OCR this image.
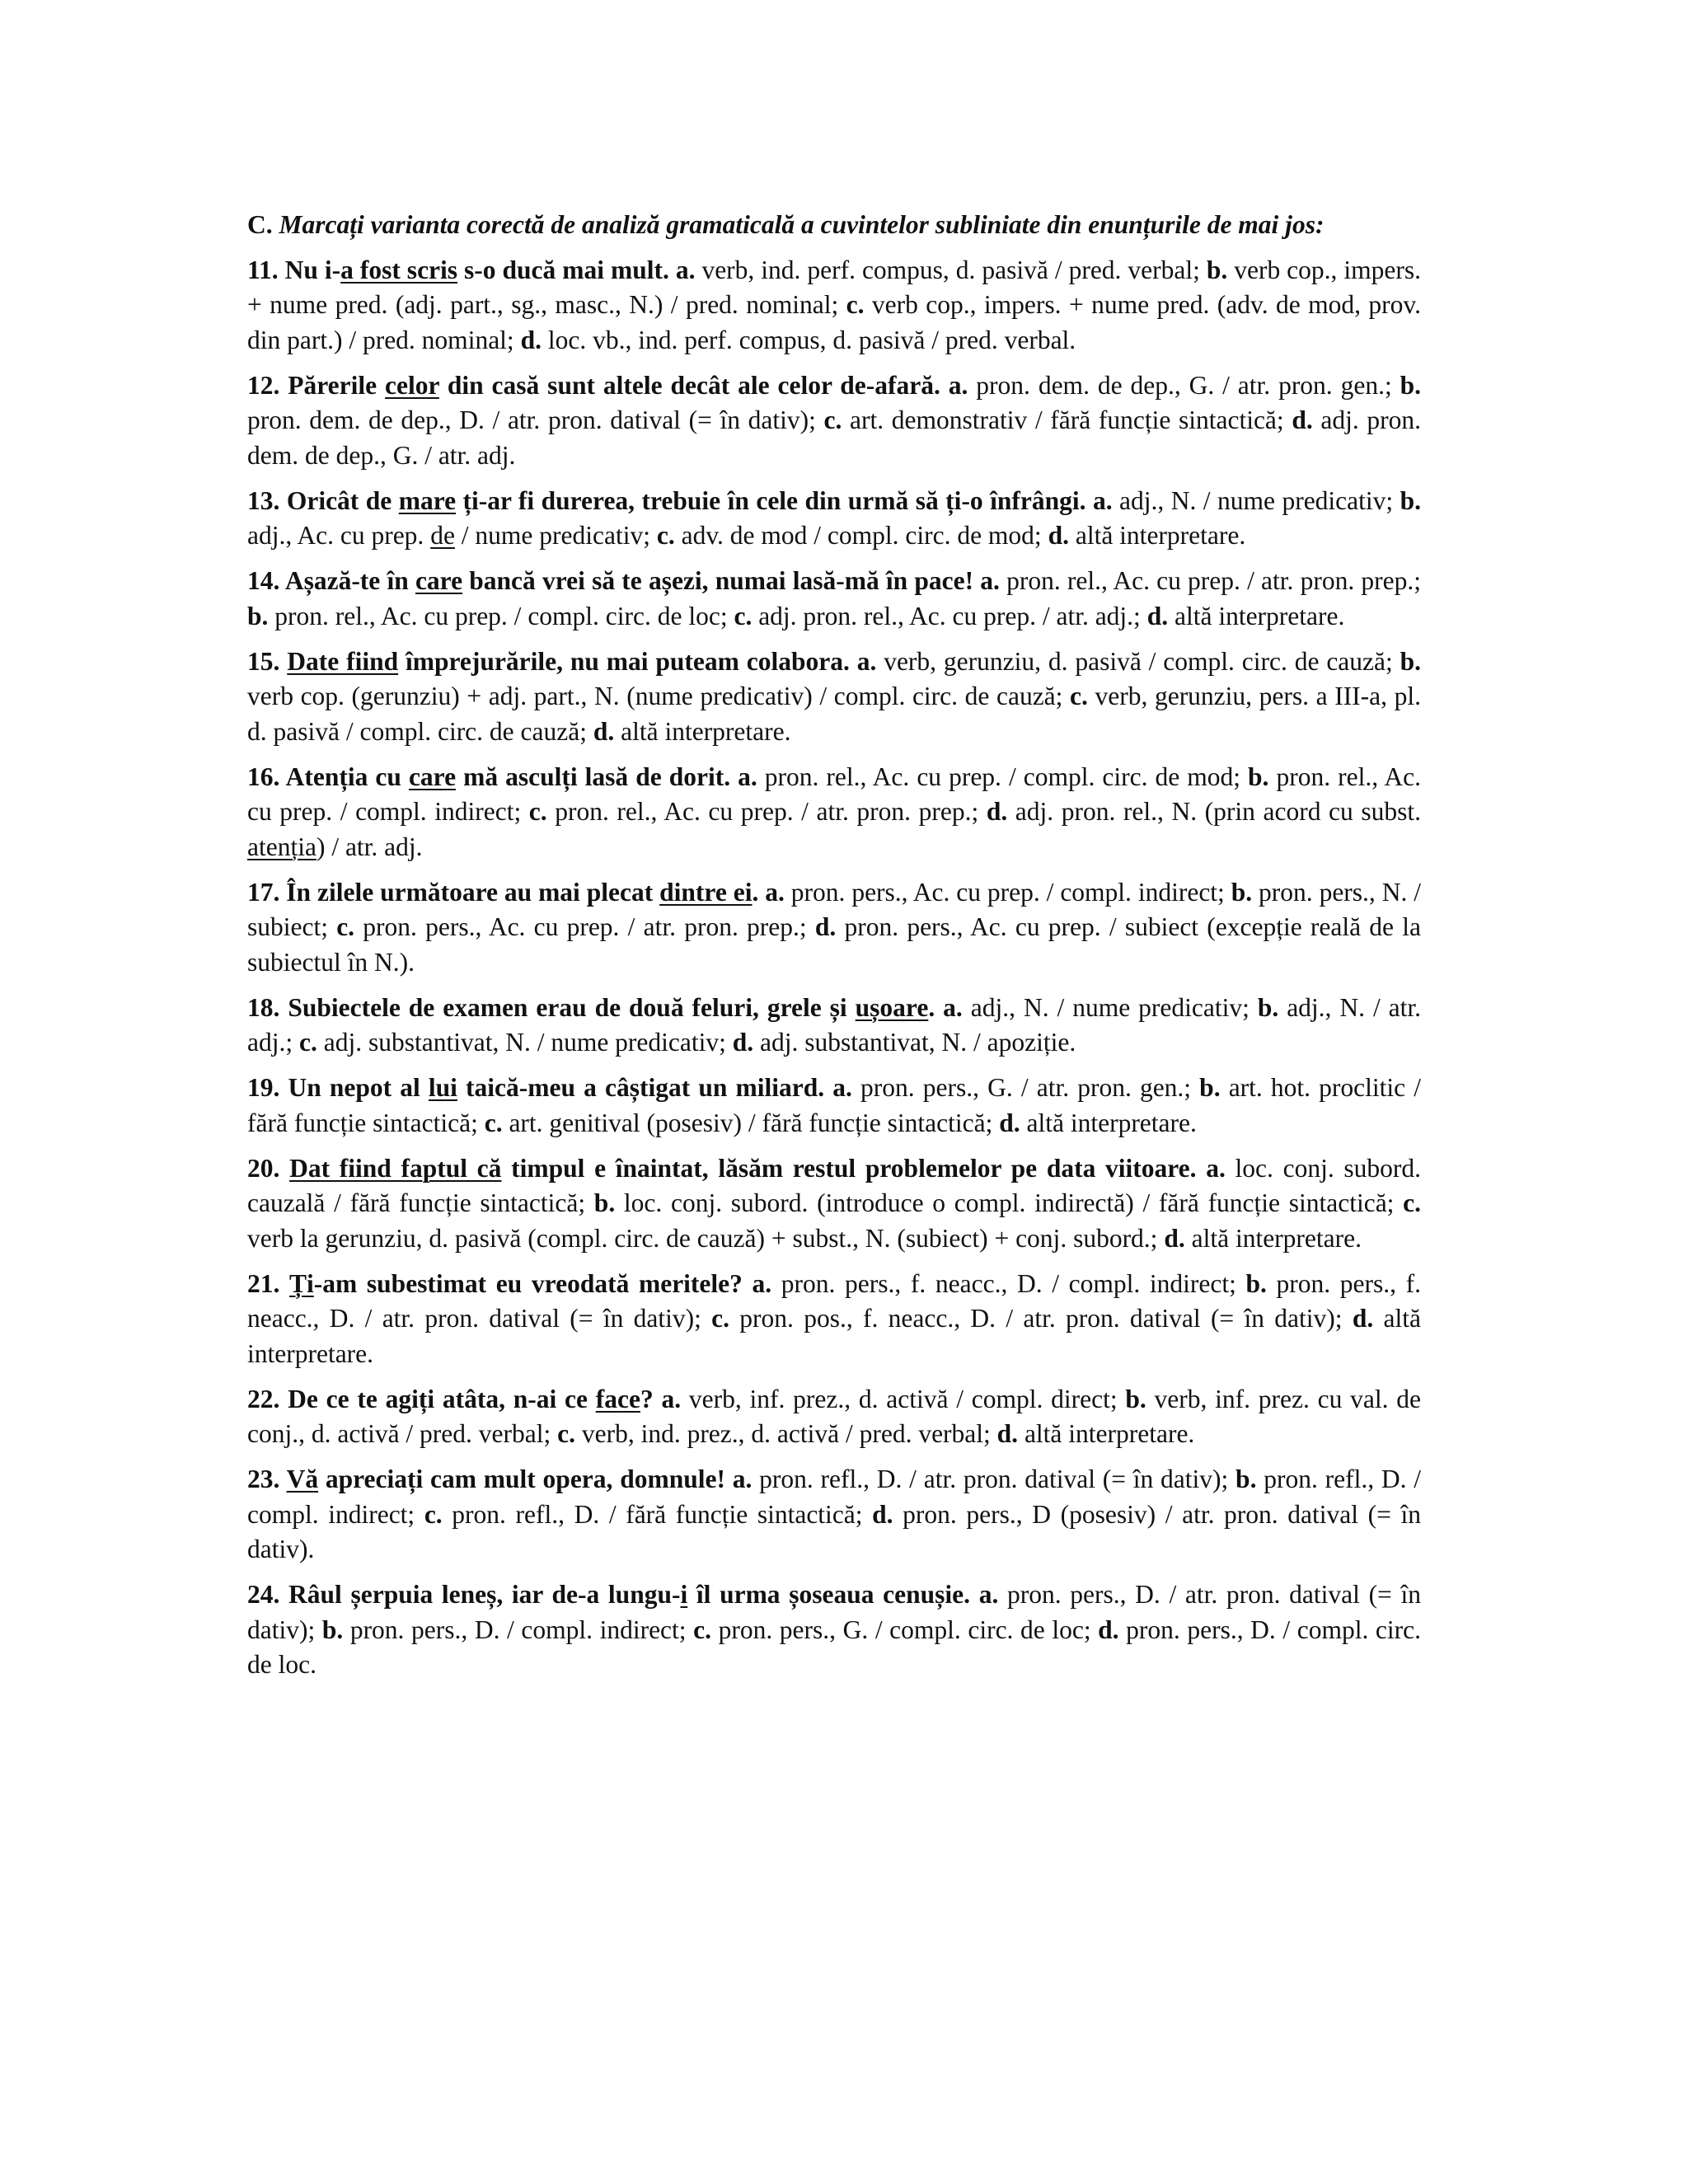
C. Marcați varianta corectă de analiză gramaticală a cuvintelor subliniate din enunțurile de mai jos:

11. Nu i-a fost scris s-o ducă mai mult. a. verb, ind. perf. compus, d. pasivă / pred. verbal; b. verb cop., impers. + nume pred. (adj. part., sg., masc., N.) / pred. nominal; c. verb cop., impers. + nume pred. (adv. de mod, prov. din part.) / pred. nominal; d. loc. vb., ind. perf. compus, d. pasivă / pred. verbal.

12. Părerile celor din casă sunt altele decât ale celor de-afară. a. pron. dem. de dep., G. / atr. pron. gen.; b. pron. dem. de dep., D. / atr. pron. datival (= în dativ); c. art. demonstrativ / fără funcție sintactică; d. adj. pron. dem. de dep., G. / atr. adj.

13. Oricât de mare ți-ar fi durerea, trebuie în cele din urmă să ți-o înfrângi. a. adj., N. / nume predicativ; b. adj., Ac. cu prep. de / nume predicativ; c. adv. de mod / compl. circ. de mod; d. altă interpretare.

14. Așază-te în care bancă vrei să te așezi, numai lasă-mă în pace! a. pron. rel., Ac. cu prep. / atr. pron. prep.; b. pron. rel., Ac. cu prep. / compl. circ. de loc; c. adj. pron. rel., Ac. cu prep. / atr. adj.; d. altă interpretare.

15. Date fiind împrejurările, nu mai puteam colabora. a. verb, gerunziu, d. pasivă / compl. circ. de cauză; b. verb cop. (gerunziu) + adj. part., N. (nume predicativ) / compl. circ. de cauză; c. verb, gerunziu, pers. a III-a, pl. d. pasivă / compl. circ. de cauză; d. altă interpretare.

16. Atenția cu care mă asculți lasă de dorit. a. pron. rel., Ac. cu prep. / compl. circ. de mod; b. pron. rel., Ac. cu prep. / compl. indirect; c. pron. rel., Ac. cu prep. / atr. pron. prep.; d. adj. pron. rel., N. (prin acord cu subst. atenția) / atr. adj.

17. În zilele următoare au mai plecat dintre ei. a. pron. pers., Ac. cu prep. / compl. indirect; b. pron. pers., N. / subiect; c. pron. pers., Ac. cu prep. / atr. pron. prep.; d. pron. pers., Ac. cu prep. / subiect (excepție reală de la subiectul în N.).

18. Subiectele de examen erau de două feluri, grele și ușoare. a. adj., N. / nume predicativ; b. adj., N. / atr. adj.; c. adj. substantivat, N. / nume predicativ; d. adj. substantivat, N. / apoziție.

19. Un nepot al lui taică-meu a câștigat un miliard. a. pron. pers., G. / atr. pron. gen.; b. art. hot. proclitic / fără funcție sintactică; c. art. genitival (posesiv) / fără funcție sintactică; d. altă interpretare.

20. Dat fiind faptul că timpul e înaintat, lăsăm restul problemelor pe data viitoare. a. loc. conj. subord. cauzală / fără funcție sintactică; b. loc. conj. subord. (introduce o compl. indirectă) / fără funcție sintactică; c. verb la gerunziu, d. pasivă (compl. circ. de cauză) + subst., N. (subiect) + conj. subord.; d. altă interpretare.

21. Ți-am subestimat eu vreodată meritele? a. pron. pers., f. neacc., D. / compl. indirect; b. pron. pers., f. neacc., D. / atr. pron. datival (= în dativ); c. pron. pos., f. neacc., D. / atr. pron. datival (= în dativ); d. altă interpretare.

22. De ce te agiți atâta, n-ai ce face? a. verb, inf. prez., d. activă / compl. direct; b. verb, inf. prez. cu val. de conj., d. activă / pred. verbal; c. verb, ind. prez., d. activă / pred. verbal; d. altă interpretare.

23. Vă apreciați cam mult opera, domnule! a. pron. refl., D. / atr. pron. datival (= în dativ); b. pron. refl., D. / compl. indirect; c. pron. refl., D. / fără funcție sintactică; d. pron. pers., D (posesiv) / atr. pron. datival (= în dativ).

24. Râul șerpuia leneș, iar de-a lungu-i îl urma șoseaua cenușie. a. pron. pers., D. / atr. pron. datival (= în dativ); b. pron. pers., D. / compl. indirect; c. pron. pers., G. / compl. circ. de loc; d. pron. pers., D. / compl. circ. de loc.
